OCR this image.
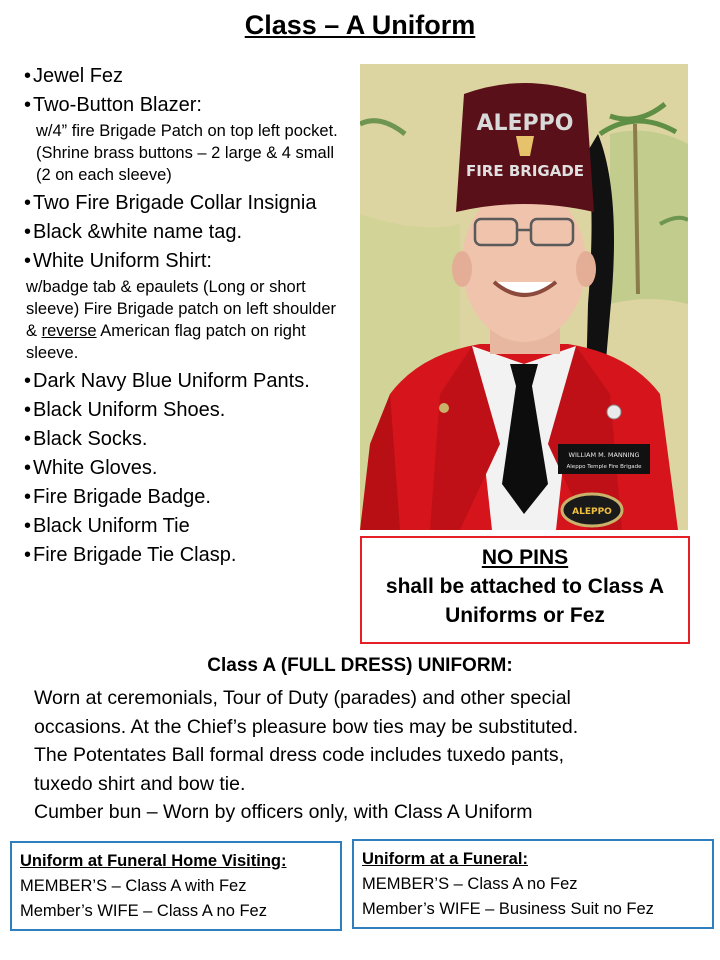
Class – A Uniform
•Jewel Fez
•Two-Button Blazer:
w/4” fire Brigade Patch on top left pocket. (Shrine brass buttons – 2 large & 4 small (2 on each sleeve)
•Two Fire Brigade Collar Insignia
•Black &white name tag.
•White Uniform Shirt:
w/badge tab & epaulets (Long or short sleeve) Fire Brigade patch on left shoulder & reverse American flag patch on right sleeve.
•Dark Navy Blue Uniform Pants.
•Black Uniform Shoes.
•Black Socks.
•White Gloves.
•Fire Brigade Badge.
•Black Uniform Tie
•Fire Brigade Tie Clasp.
ALEPPO
FIRE BRIGADE
WILLIAM M. MANNING
Aleppo Temple Fire Brigade
ALEPPO
NO PINS
shall be attached to Class A
Uniforms or Fez
Class A (FULL DRESS) UNIFORM:
Worn at ceremonials, Tour of Duty (parades) and other special
occasions. At the Chief’s pleasure bow ties may be substituted.
The Potentates Ball formal dress code includes tuxedo pants,
tuxedo shirt and bow tie.
Cumber bun – Worn by officers only, with Class A Uniform
Uniform at Funeral Home Visiting:
MEMBER’S – Class A with Fez
Member’s WIFE – Class A no Fez
Uniform at a Funeral:
MEMBER’S – Class A no Fez
Member’s WIFE – Business Suit no Fez
